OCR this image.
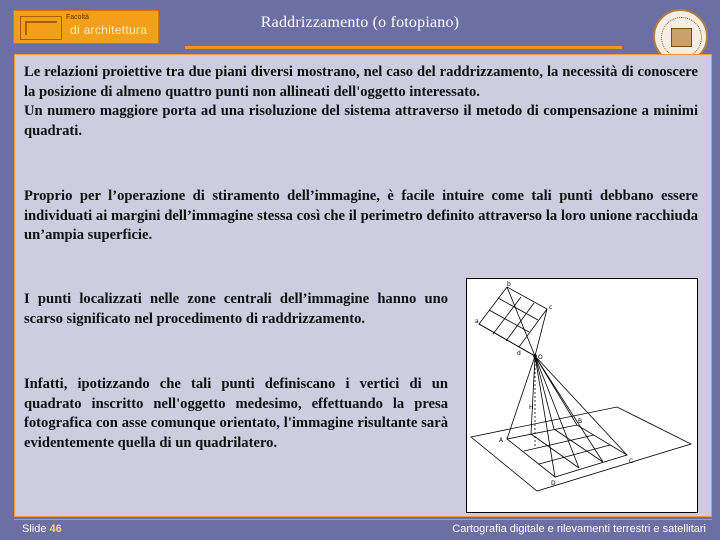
Facoltà
di architettura	Raddrizzamento (o fotopiano)
Le relazioni proiettive tra due piani diversi mostrano, nel caso del raddrizzamento, la necessità di conoscere la posizione di almeno quattro punti non allineati dell'oggetto interessato.
Un numero maggiore porta ad una risoluzione del sistema attraverso il metodo di compensazione a minimi quadrati.
Proprio per l’operazione di stiramento dell’immagine, è facile intuire come tali punti debbano essere individuati ai margini dell’immagine stessa così che il perimetro definito attraverso la loro unione racchiuda un’ampia superficie.
I punti localizzati nelle zone centrali dell’immagine hanno uno scarso significato nel procedimento di raddrizzamento.
Infatti, ipotizzando che tali punti definiscano i vertici di un quadrato inscritto nell'oggetto medesimo, effettuando la presa fotografica con asse comunque orientato, l'immagine risultante sarà evidentemente quella di un quadrilatero.
O
a
b
c
d
H
A
B
C
D
Slide 46	Cartografia digitale e rilevamenti terrestri e satellitari
